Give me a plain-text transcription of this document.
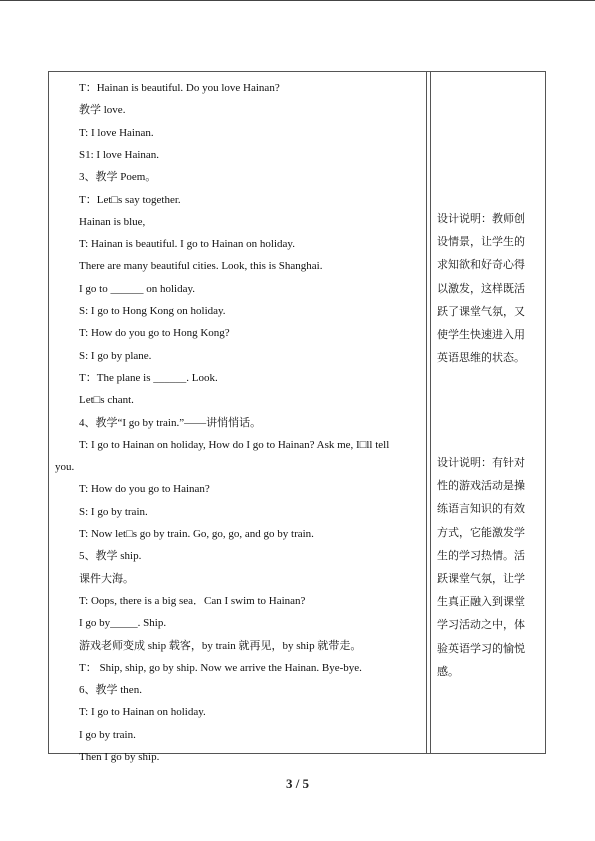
T：Hainan is beautiful. Do you love Hainan?
教学 love.
T: I love Hainan.
S1: I love Hainan.
3、教学 Poem。
T：Let□s say together.
Hainan is blue,
T: Hainan is beautiful. I go to Hainan on holiday.
There are many beautiful cities. Look, this is Shanghai.
I go to ______ on holiday.
S: I go to Hong Kong on holiday.
T: How do you go to Hong Kong?
S: I go by plane.
T：The plane is ______. Look.
Let□s chant.
4、教学“I go by train.”——讲悄悄话。
T: I go to Hainan on holiday, How do I go to Hainan? Ask me, I□ll tell
you.
T: How do you go to Hainan?
S: I go by train.
T: Now let□s go by train. Go, go, go, and go by train.
5、教学 ship.
课件大海。
T: Oops, there is a big sea．Can I swim to Hainan?
I go by_____. Ship.
游戏老师变成 ship 载客，by train 就再见，by ship 就带走。
T： Ship, ship, go by ship. Now we arrive the Hainan. Bye-bye.
6、教学 then.
T: I go to Hainan on holiday.
I go by train.
Then I go by ship.
设计说明：教师创
设情景，让学生的
求知欲和好奇心得
以激发，这样既活
跃了课堂气氛，又
使学生快速进入用
英语思维的状态。
设计说明：有针对
性的游戏活动是操
练语言知识的有效
方式，它能激发学
生的学习热情。活
跃课堂气氛，让学
生真正融入到课堂
学习活动之中，体
验英语学习的愉悦
感。
3 / 5
